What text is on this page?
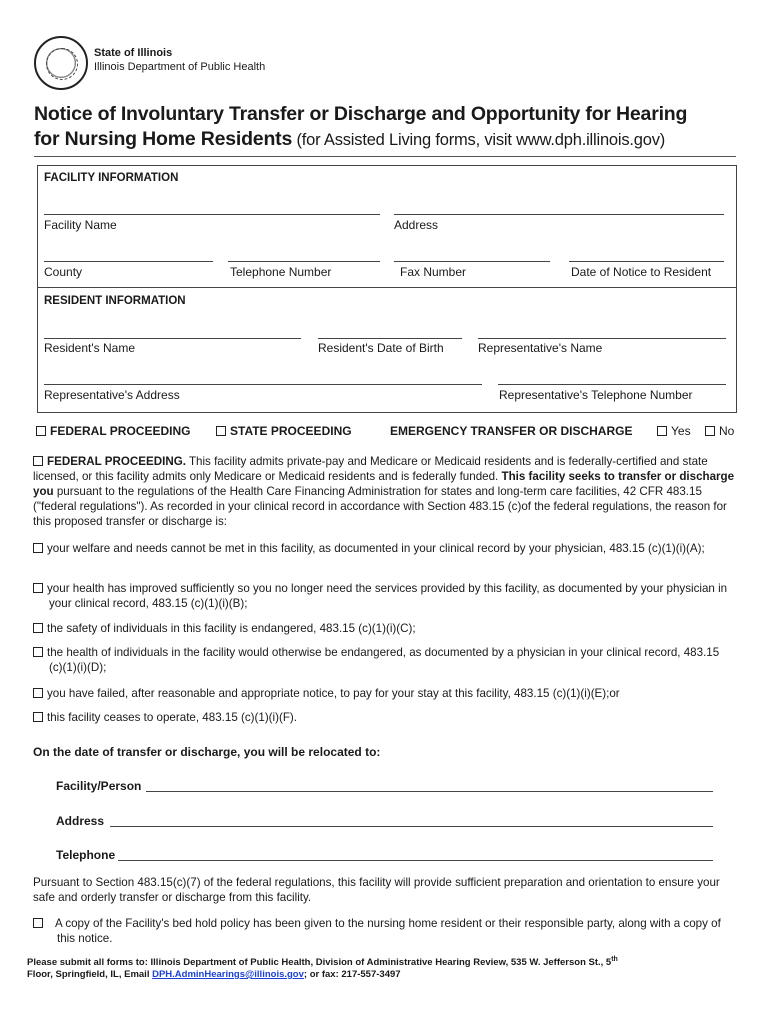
State of Illinois
Illinois Department of Public Health
Notice of Involuntary Transfer or Discharge and Opportunity for Hearing
for Nursing Home Residents (for Assisted Living forms, visit www.dph.illinois.gov)
FACILITY INFORMATION
Facility Name	Address
County	Telephone Number	Fax Number	Date of Notice to Resident
RESIDENT INFORMATION
Resident's Name	Resident's Date of Birth	Representative's Name
Representative's Address	Representative's Telephone Number
FEDERAL PROCEEDING	STATE PROCEEDING	EMERGENCY TRANSFER OR DISCHARGE	Yes	No
FEDERAL PROCEEDING. This facility admits private-pay and Medicare or Medicaid residents and is federally-certified and state licensed, or this facility admits only Medicare or Medicaid residents and is federally funded. This facility seeks to transfer or discharge you pursuant to the regulations of the Health Care Financing Administration for states and long-term care facilities, 42 CFR 483.15 ("federal regulations"). As recorded in your clinical record in accordance with Section 483.15 (c)of the federal regulations, the reason for this proposed transfer or discharge is:
your welfare and needs cannot be met in this facility, as documented in your clinical record by your physician, 483.15 (c)(1)(i)(A);
your health has improved sufficiently so you no longer need the services provided by this facility, as documented by your physician in your clinical record, 483.15 (c)(1)(i)(B);
the safety of individuals in this facility is endangered, 483.15 (c)(1)(i)(C);
the health of individuals in the facility would otherwise be endangered, as documented by a physician in your clinical record, 483.15 (c)(1)(i)(D);
you have failed, after reasonable and appropriate notice, to pay for your stay at this facility, 483.15 (c)(1)(i)(E);or
this facility ceases to operate, 483.15 (c)(1)(i)(F).
On the date of transfer or discharge, you will be relocated to:
Facility/Person
Address
Telephone
Pursuant to Section 483.15(c)(7) of the federal regulations, this facility will provide sufficient preparation and orientation to ensure your safe and orderly transfer or discharge from this facility.
A copy of the Facility's bed hold policy has been given to the nursing home resident or their responsible party, along with a copy of this notice.
Please submit all forms to: Illinois Department of Public Health, Division of Administrative Hearing Review, 535 W. Jefferson St., 5th
Floor, Springfield, IL, Email DPH.AdminHearings@illinois.gov; or fax: 217-557-3497
